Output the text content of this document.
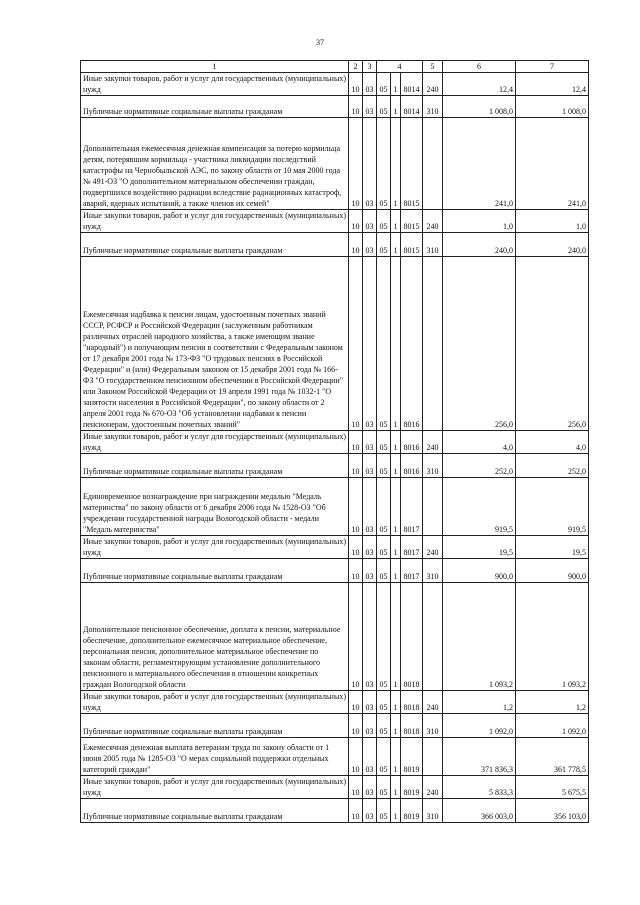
37
1	2	3	4			5	6	7
Иные закупки товаров, работ и услуг для государственных (муниципальных) нужд	10	03	05	1	8014	240	12,4	12,4
Публичные нормативные социальные выплаты гражданам	10	03	05	1	8014	310	1 008,0	1 008,0
Дополнительная ежемесячная денежная компенсация за потерю кормильца детям, потерявшим кормильца - участника ликвидации последствий катастрофы на Чернобыльской АЭС, по закону области от 10 мая 2000 года № 491-ОЗ "О дополнительном материальном обеспечении граждан, подвергшихся воздействию радиации вследствие радиационных катастроф, аварий, ядерных испытаний, а также членов их семей"	10	03	05	1	8015		241,0	241,0
Иные закупки товаров, работ и услуг для государственных (муниципальных) нужд	10	03	05	1	8015	240	1,0	1,0
Публичные нормативные социальные выплаты гражданам	10	03	05	1	8015	310	240,0	240,0
Ежемесячная надбавка к пенсии лицам, удостоенным почетных званий СССР, РСФСР и Российской Федерации (заслуженным работникам различных отраслей народного хозяйства, а также имеющим звание "народный") и получающим пенсии в соответствии с Федеральным законом от 17 декабря 2001 года № 173-ФЗ "О трудовых пенсиях в Российской Федерации" и (или) Федеральным законом от 15 декабря 2001 года № 166-ФЗ "О государственном пенсионном обеспечении в Российской Федерации" или Законом Российской Федерации от 19 апреля 1991 года № 1032-1 "О занятости населения в Российской Федерации", по закону области от 2 апреля 2001 года № 670-ОЗ "Об установлении надбавки к пенсии пенсионерам, удостоенным почетных званий"	10	03	05	1	8016		256,0	256,0
Иные закупки товаров, работ и услуг для государственных (муниципальных) нужд	10	03	05	1	8016	240	4,0	4,0
Публичные нормативные социальные выплаты гражданам	10	03	05	1	8016	310	252,0	252,0
Единовременное вознаграждение при награждении медалью "Медаль материнства" по закону области от 6 декабря 2006 года № 1528-ОЗ "Об учреждении государственной награды Вологодской области - медали "Медаль материнства"	10	03	05	1	8017		919,5	919,5
Иные закупки товаров, работ и услуг для государственных (муниципальных) нужд	10	03	05	1	8017	240	19,5	19,5
Публичные нормативные социальные выплаты гражданам	10	03	05	1	8017	310	900,0	900,0
Дополнительное пенсионное обеспечение, доплата к пенсии, материальное обеспечение, дополнительное ежемесячное материальное обеспечение, персональная пенсия, дополнительное материальное обеспечение по законам области, регламентирующим установление дополнительного пенсионного и материального обеспечения в отношении конкретных граждан Вологодской области	10	03	05	1	8018		1 093,2	1 093,2
Иные закупки товаров, работ и услуг для государственных (муниципальных) нужд	10	03	05	1	8018	240	1,2	1,2
Публичные нормативные социальные выплаты гражданам	10	03	05	1	8018	310	1 092,0	1 092,0
Ежемесячная денежная выплата ветеранам труда по закону области от 1 июня 2005 года № 1285-ОЗ "О мерах социальной поддержки отдельных категорий граждан"	10	03	05	1	8019		371 836,3	361 778,5
Иные закупки товаров, работ и услуг для государственных (муниципальных) нужд	10	03	05	1	8019	240	5 833,3	5 675,5
Публичные нормативные социальные выплаты гражданам	10	03	05	1	8019	310	366 003,0	356 103,0
